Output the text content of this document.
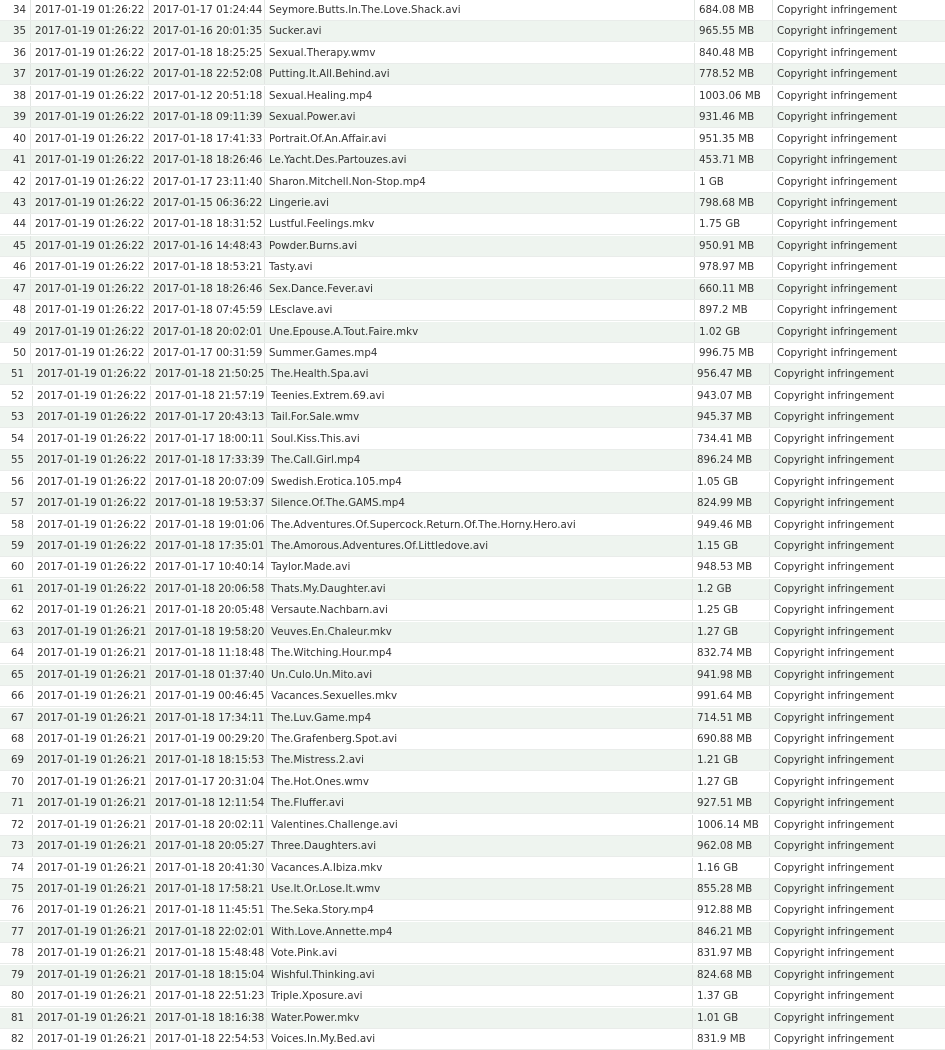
34 2017-01-19 01:26:22 2017-01-17 01:24:44 Seymore.Butts.In.The.Love.Shack.avi	684.08 MB	Copyright infringement
35 2017-01-19 01:26:22 2017-01-16 20:01:35 Sucker.avi	965.55 MB	Copyright infringement
36 2017-01-19 01:26:22 2017-01-18 18:25:25 Sexual.Therapy.wmv	840.48 MB	Copyright infringement
37 2017-01-19 01:26:22 2017-01-18 22:52:08 Putting.It.All.Behind.avi	778.52 MB	Copyright infringement
38 2017-01-19 01:26:22 2017-01-12 20:51:18 Sexual.Healing.mp4	1003.06 MB	Copyright infringement
39 2017-01-19 01:26:22 2017-01-18 09:11:39 Sexual.Power.avi	931.46 MB	Copyright infringement
40 2017-01-19 01:26:22 2017-01-18 17:41:33 Portrait.Of.An.Affair.avi	951.35 MB	Copyright infringement
41 2017-01-19 01:26:22 2017-01-18 18:26:46 Le.Yacht.Des.Partouzes.avi	453.71 MB	Copyright infringement
42 2017-01-19 01:26:22 2017-01-17 23:11:40 Sharon.Mitchell.Non-Stop.mp4	1 GB	Copyright infringement
43 2017-01-19 01:26:22 2017-01-15 06:36:22 Lingerie.avi	798.68 MB	Copyright infringement
44 2017-01-19 01:26:22 2017-01-18 18:31:52 Lustful.Feelings.mkv	1.75 GB	Copyright infringement
45 2017-01-19 01:26:22 2017-01-16 14:48:43 Powder.Burns.avi	950.91 MB	Copyright infringement
46 2017-01-19 01:26:22 2017-01-18 18:53:21 Tasty.avi	978.97 MB	Copyright infringement
47 2017-01-19 01:26:22 2017-01-18 18:26:46 Sex.Dance.Fever.avi	660.11 MB	Copyright infringement
48 2017-01-19 01:26:22 2017-01-18 07:45:59 LEsclave.avi	897.2 MB	Copyright infringement
49 2017-01-19 01:26:22 2017-01-18 20:02:01 Une.Epouse.A.Tout.Faire.mkv	1.02 GB	Copyright infringement
50 2017-01-19 01:26:22 2017-01-17 00:31:59 Summer.Games.mp4	996.75 MB	Copyright infringement
51	2017-01-19 01:26:22 2017-01-18 21:50:25 The.Health.Spa.avi	956.47 MB	Copyright infringement
52	2017-01-19 01:26:22 2017-01-18 21:57:19 Teenies.Extrem.69.avi	943.07 MB	Copyright infringement
53	2017-01-19 01:26:22 2017-01-17 20:43:13 Tail.For.Sale.wmv	945.37 MB	Copyright infringement
54	2017-01-19 01:26:22 2017-01-17 18:00:11 Soul.Kiss.This.avi	734.41 MB	Copyright infringement
55	2017-01-19 01:26:22 2017-01-18 17:33:39 The.Call.Girl.mp4	896.24 MB	Copyright infringement
56	2017-01-19 01:26:22 2017-01-18 20:07:09 Swedish.Erotica.105.mp4	1.05 GB	Copyright infringement
57	2017-01-19 01:26:22 2017-01-18 19:53:37 Silence.Of.The.GAMS.mp4	824.99 MB	Copyright infringement
58	2017-01-19 01:26:22 2017-01-18 19:01:06 The.Adventures.Of.Supercock.Return.Of.The.Horny.Hero.avi	949.46 MB	Copyright infringement
59	2017-01-19 01:26:22 2017-01-18 17:35:01 The.Amorous.Adventures.Of.Littledove.avi	1.15 GB	Copyright infringement
60	2017-01-19 01:26:22 2017-01-17 10:40:14 Taylor.Made.avi	948.53 MB	Copyright infringement
61	2017-01-19 01:26:22 2017-01-18 20:06:58 Thats.My.Daughter.avi	1.2 GB	Copyright infringement
62	2017-01-19 01:26:21 2017-01-18 20:05:48 Versaute.Nachbarn.avi	1.25 GB	Copyright infringement
63	2017-01-19 01:26:21 2017-01-18 19:58:20 Veuves.En.Chaleur.mkv	1.27 GB	Copyright infringement
64	2017-01-19 01:26:21 2017-01-18 11:18:48 The.Witching.Hour.mp4	832.74 MB	Copyright infringement
65	2017-01-19 01:26:21 2017-01-18 01:37:40 Un.Culo.Un.Mito.avi	941.98 MB	Copyright infringement
66	2017-01-19 01:26:21 2017-01-19 00:46:45 Vacances.Sexuelles.mkv	991.64 MB	Copyright infringement
67	2017-01-19 01:26:21 2017-01-18 17:34:11 The.Luv.Game.mp4	714.51 MB	Copyright infringement
68	2017-01-19 01:26:21 2017-01-19 00:29:20 The.Grafenberg.Spot.avi	690.88 MB	Copyright infringement
69	2017-01-19 01:26:21 2017-01-18 18:15:53 The.Mistress.2.avi	1.21 GB	Copyright infringement
70	2017-01-19 01:26:21 2017-01-17 20:31:04 The.Hot.Ones.wmv	1.27 GB	Copyright infringement
71	2017-01-19 01:26:21 2017-01-18 12:11:54 The.Fluffer.avi	927.51 MB	Copyright infringement
72	2017-01-19 01:26:21 2017-01-18 20:02:11 Valentines.Challenge.avi	1006.14 MB	Copyright infringement
73	2017-01-19 01:26:21 2017-01-18 20:05:27 Three.Daughters.avi	962.08 MB	Copyright infringement
74	2017-01-19 01:26:21 2017-01-18 20:41:30 Vacances.A.Ibiza.mkv	1.16 GB	Copyright infringement
75	2017-01-19 01:26:21 2017-01-18 17:58:21 Use.It.Or.Lose.It.wmv	855.28 MB	Copyright infringement
76	2017-01-19 01:26:21 2017-01-18 11:45:51 The.Seka.Story.mp4	912.88 MB	Copyright infringement
77	2017-01-19 01:26:21 2017-01-18 22:02:01 With.Love.Annette.mp4	846.21 MB	Copyright infringement
78	2017-01-19 01:26:21 2017-01-18 15:48:48 Vote.Pink.avi	831.97 MB	Copyright infringement
79	2017-01-19 01:26:21 2017-01-18 18:15:04 Wishful.Thinking.avi	824.68 MB	Copyright infringement
80	2017-01-19 01:26:21 2017-01-18 22:51:23 Triple.Xposure.avi	1.37 GB	Copyright infringement
81	2017-01-19 01:26:21 2017-01-18 18:16:38 Water.Power.mkv	1.01 GB	Copyright infringement
82	2017-01-19 01:26:21 2017-01-18 22:54:53 Voices.In.My.Bed.avi	831.9 MB	Copyright infringement
